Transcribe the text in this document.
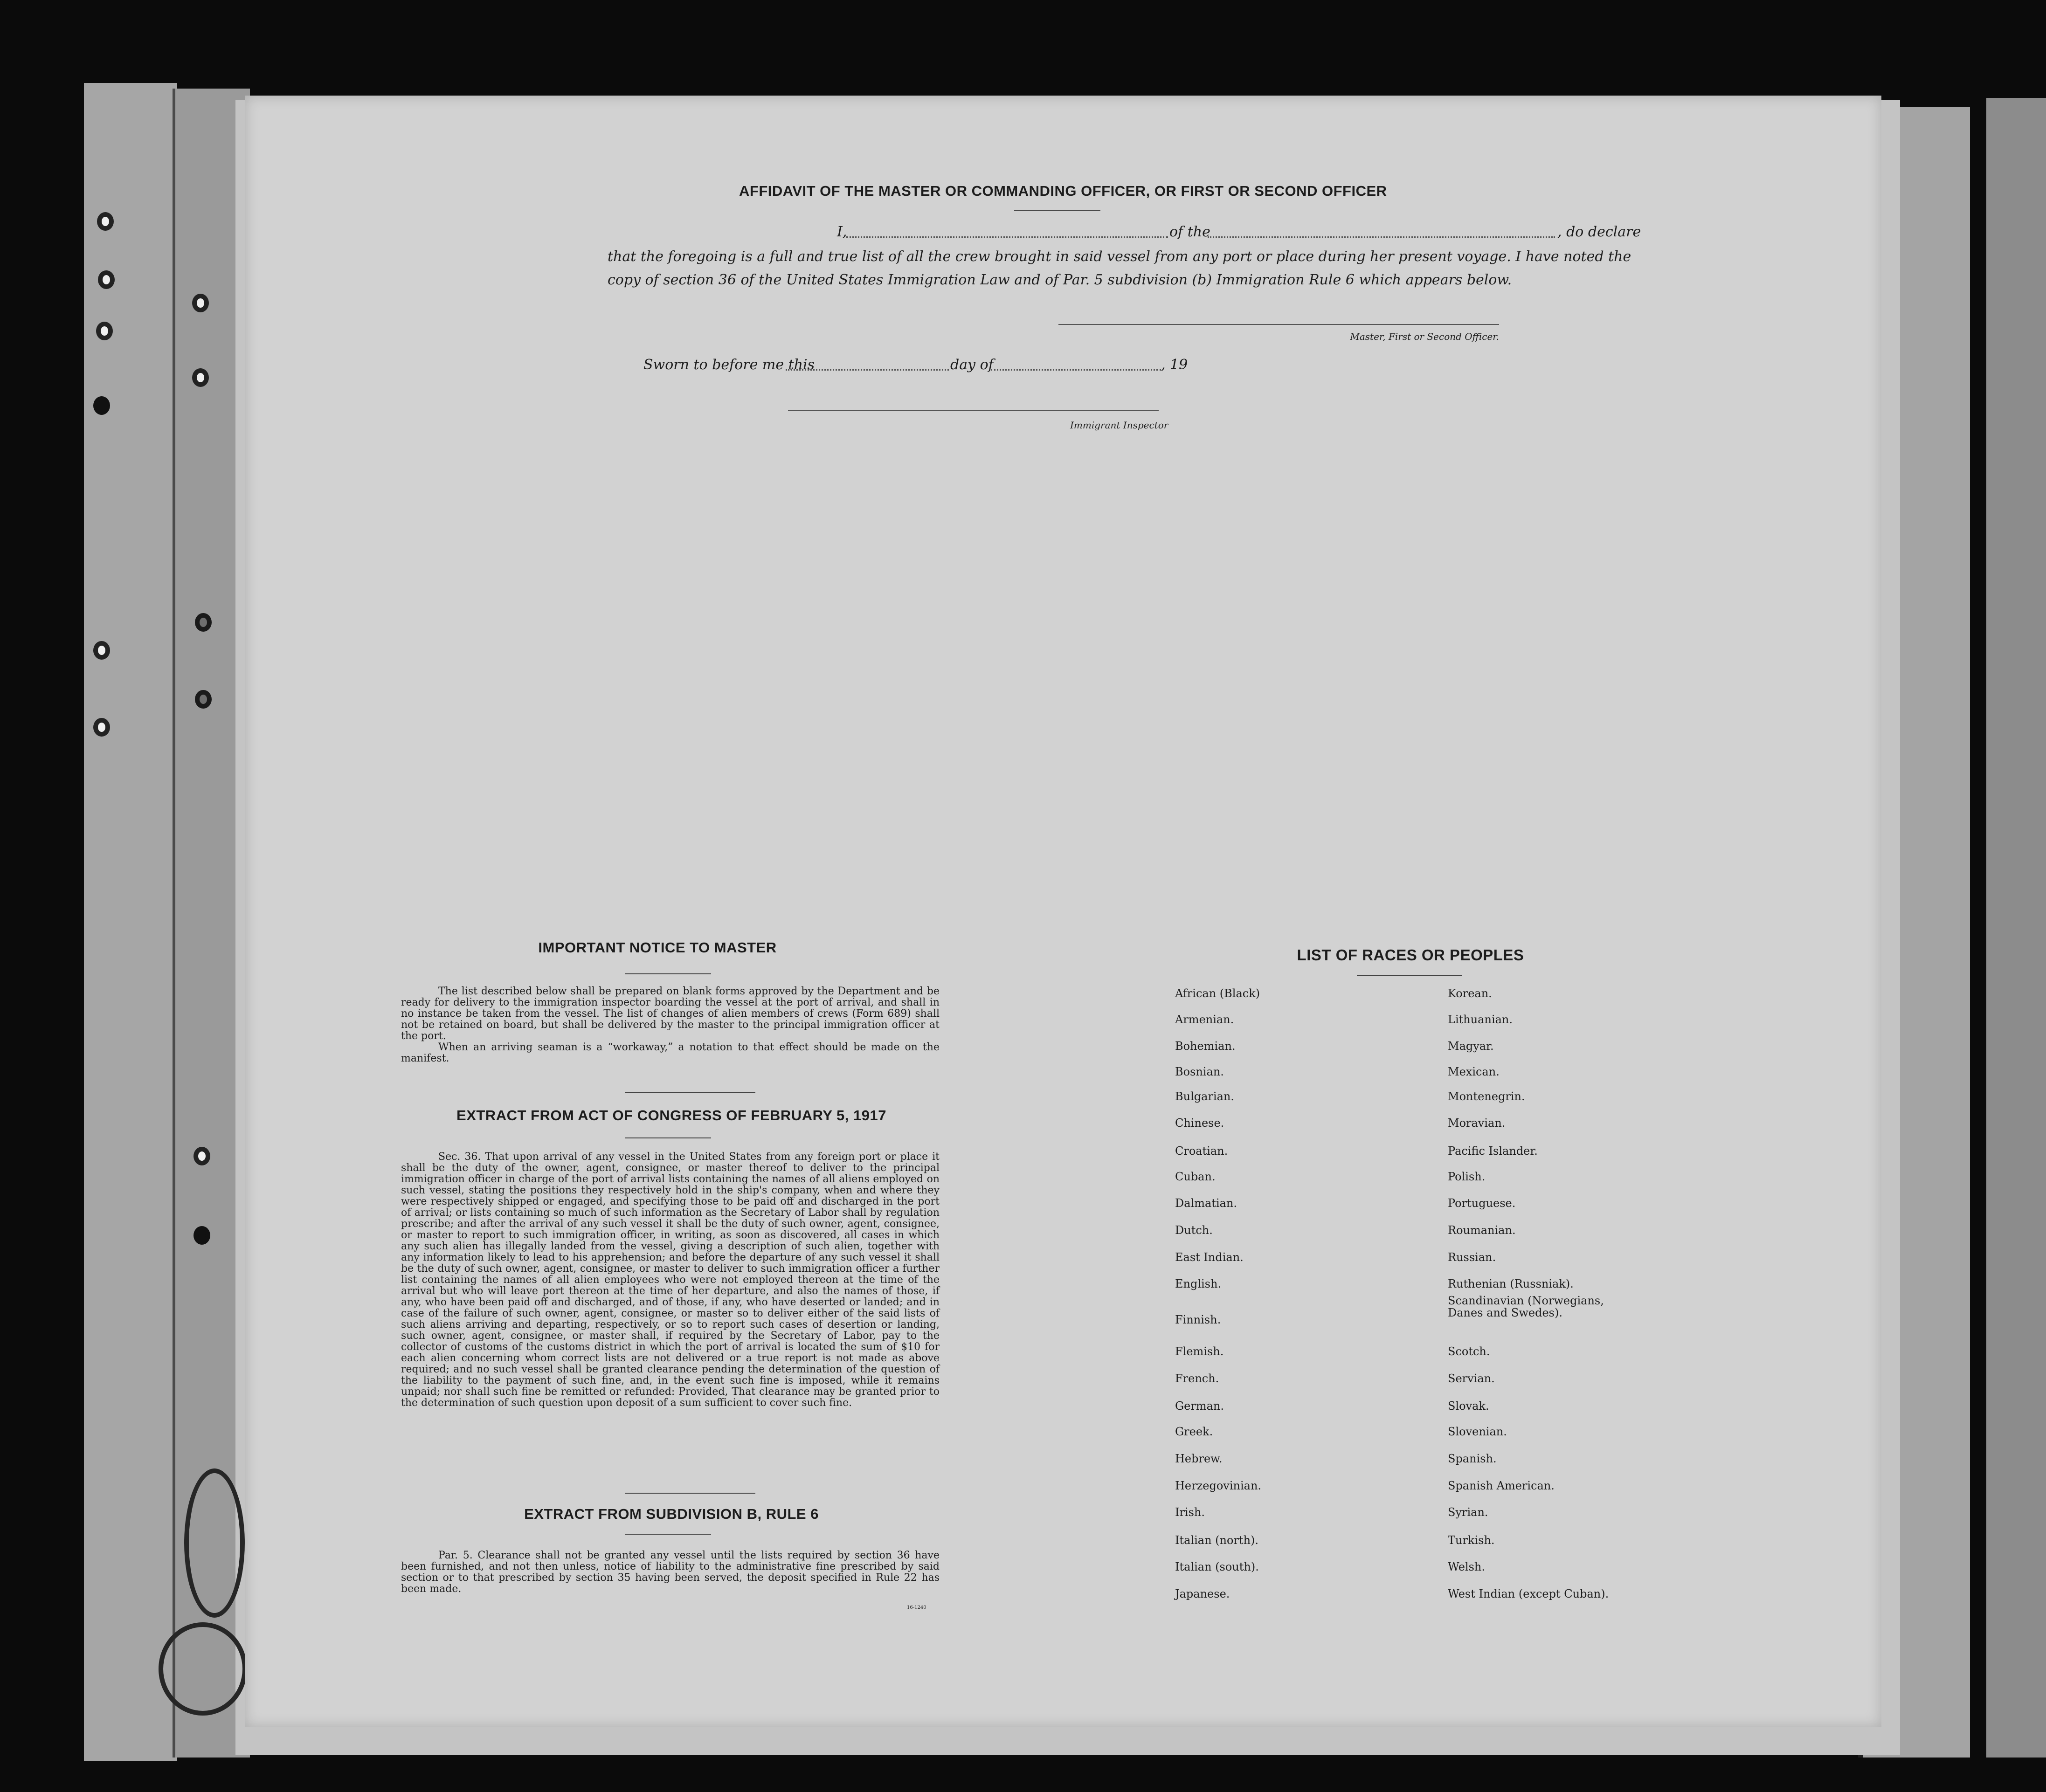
AFFIDAVIT OF THE MASTER OR COMMANDING OFFICER, OR FIRST OR SECOND OFFICER
I,	of the	, do declare
that the foregoing is a full and true list of all the crew brought in said vessel from any port or place during her present voyage. I have noted the
copy of section 36 of the United States Immigration Law and of Par. 5 subdivision (b) Immigration Rule 6 which appears below.
Master, First or Second Officer.
Sworn to before me this	day of	, 19
Immigrant Inspector
IMPORTANT NOTICE TO MASTER

The list described below shall be prepared on blank forms approved by the Department and be ready for delivery to the immigration inspector boarding the vessel at the port of arrival, and shall in no instance be taken from the vessel. The list of changes of alien members of crews (Form 689) shall not be retained on board, but shall be delivered by the master to the principal immigration officer at the port.

When an arriving seaman is a “workaway,” a notation to that effect should be made on the manifest.

EXTRACT FROM ACT OF CONGRESS OF FEBRUARY 5, 1917

Sec. 36. That upon arrival of any vessel in the United States from any foreign port or place it shall be the duty of the owner, agent, consignee, or master thereof to deliver to the principal immigration officer in charge of the port of arrival lists containing the names of all aliens employed on such vessel, stating the positions they respectively hold in the ship's company, when and where they were respectively shipped or engaged, and specifying those to be paid off and discharged in the port of arrival; or lists containing so much of such information as the Secretary of Labor shall by regulation prescribe; and after the arrival of any such vessel it shall be the duty of such owner, agent, consignee, or master to report to such immigration officer, in writing, as soon as discovered, all cases in which any such alien has illegally landed from the vessel, giving a description of such alien, together with any information likely to lead to his apprehension; and before the departure of any such vessel it shall be the duty of such owner, agent, consignee, or master to deliver to such immigration officer a further list containing the names of all alien employees who were not employed thereon at the time of the arrival but who will leave port thereon at the time of her departure, and also the names of those, if any, who have been paid off and discharged, and of those, if any, who have deserted or landed; and in case of the failure of such owner, agent, consignee, or master so to deliver either of the said lists of such aliens arriving and departing, respectively, or so to report such cases of desertion or landing, such owner, agent, consignee, or master shall, if required by the Secretary of Labor, pay to the collector of customs of the customs district in which the port of arrival is located the sum of $10 for each alien concerning whom correct lists are not delivered or a true report is not made as above required; and no such vessel shall be granted clearance pending the determination of the question of the liability to the payment of such fine, and, in the event such fine is imposed, while it remains unpaid; nor shall such fine be remitted or refunded: Provided, That clearance may be granted prior to the determination of such question upon deposit of a sum sufficient to cover such fine.

EXTRACT FROM SUBDIVISION B, RULE 6

Par. 5. Clearance shall not be granted any vessel until the lists required by section 36 have been furnished, and not then unless, notice of liability to the administrative fine prescribed by said section or to that prescribed by section 35 having been served, the deposit specified in Rule 22 has been made.

16-1240
LIST OF RACES OR PEOPLES
African (Black)
Armenian.
Bohemian.
Bosnian.
Bulgarian.
Chinese.
Croatian.
Cuban.
Dalmatian.
Dutch.
East Indian.
English.
Finnish.
Flemish.
French.
German.
Greek.
Hebrew.
Herzegovinian.
Irish.
Italian (north).
Italian (south).
Japanese.
Korean.
Lithuanian.
Magyar.
Mexican.
Montenegrin.
Moravian.
Pacific Islander.
Polish.
Portuguese.
Roumanian.
Russian.
Ruthenian (Russniak).
Scandinavian (Norwegians, Danes and Swedes).
Scotch.
Servian.
Slovak.
Slovenian.
Spanish.
Spanish American.
Syrian.
Turkish.
Welsh.
West Indian (except Cuban).
